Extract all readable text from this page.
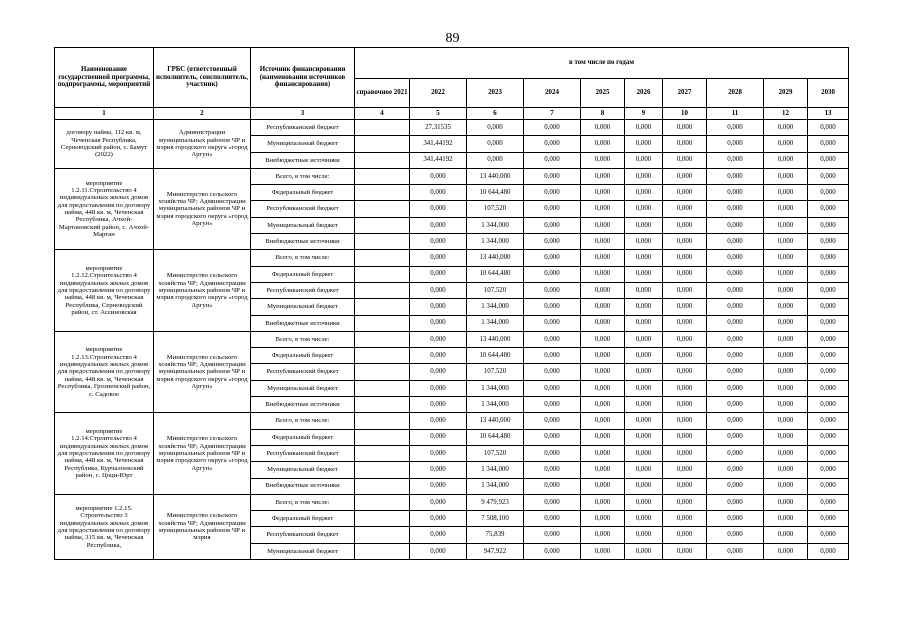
89
Наименование государственной программы, подпрограммы, мероприятий	ГРБС (ответственный исполнитель, соисполнитель, участник)	Источник финансирования (наименования источников финансирования)	в том числе по годам									
			справочное 2021	2022	2023	2024	2025	2026	2027	2028	2029	2030
1	2	3	4	5	6	7	8	9	10	11	12	13
договору найма, 112 кв. м, Чеченская Республика, Серноводский район, с. Бамут (2022)	Администрации муниципальных районов ЧР и мэрия городского округа «город Аргун»	Республиканский бюджет		27,31535	0,000	0,000	0,000	0,000	0,000	0,000	0,000	0,000
		Муниципальный бюджет		341,44192	0,000	0,000	0,000	0,000	0,000	0,000	0,000	0,000
		Внебюджетные источники		341,44192	0,000	0,000	0,000	0,000	0,000	0,000	0,000	0,000
мероприятие 1.2.11.Строительство 4 индивидуальных жилых домов для предоставления по договору найма, 448 кв. м, Чеченская Республика, Ачхой- Мартановский район, с. Ачхой- Мартан	Министерство сельского хозяйства ЧР; Администрации муниципальных районов ЧР и мэрия городского округа «город Аргун»	Всего, в том числе:		0,000	13 440,000	0,000	0,000	0,000	0,000	0,000	0,000	0,000
		Федеральный бюджет		0,000	10 644,480	0,000	0,000	0,000	0,000	0,000	0,000	0,000
		Республиканский бюджет		0,000	107,520	0,000	0,000	0,000	0,000	0,000	0,000	0,000
		Муниципальный бюджет		0,000	1 344,000	0,000	0,000	0,000	0,000	0,000	0,000	0,000
		Внебюджетные источники		0,000	1 344,000	0,000	0,000	0,000	0,000	0,000	0,000	0,000
мероприятие 1.2.12.Строительство 4 индивидуальных жилых домов для предоставления по договору найма, 448 кв. м, Чеченская Республика, Серноводский район, ст. Ассиновская	Министерство сельского хозяйства ЧР; Администрации муниципальных районов ЧР и мэрия городского округа «город Аргун»	Всего, в том числе:		0,000	13 440,000	0,000	0,000	0,000	0,000	0,000	0,000	0,000
		Федеральный бюджет		0,000	10 644,480	0,000	0,000	0,000	0,000	0,000	0,000	0,000
		Республиканский бюджет		0,000	107,520	0,000	0,000	0,000	0,000	0,000	0,000	0,000
		Муниципальный бюджет		0,000	1 344,000	0,000	0,000	0,000	0,000	0,000	0,000	0,000
		Внебюджетные источники		0,000	1 344,000	0,000	0,000	0,000	0,000	0,000	0,000	0,000
мероприятие 1.2.13.Строительство 4 индивидуальных жилых домов для предоставления по договору найма, 448 кв. м, Чеченская Республика, Грозненский район, с. Садовое	Министерство сельского хозяйства ЧР; Администрации муниципальных районов ЧР и мэрия городского округа «город Аргун»	Всего, в том числе:		0,000	13 440,000	0,000	0,000	0,000	0,000	0,000	0,000	0,000
		Федеральный бюджет		0,000	10 644,480	0,000	0,000	0,000	0,000	0,000	0,000	0,000
		Республиканский бюджет		0,000	107,520	0,000	0,000	0,000	0,000	0,000	0,000	0,000
		Муниципальный бюджет		0,000	1 344,000	0,000	0,000	0,000	0,000	0,000	0,000	0,000
		Внебюджетные источники		0,000	1 344,000	0,000	0,000	0,000	0,000	0,000	0,000	0,000
мероприятие 1.2.14.Строительство 4 индивидуальных жилых домов для предоставления по договору найма, 448 кв. м, Чеченская Республика, Курчалоевский район, с. Цоци-Юрт	Министерство сельского хозяйства ЧР; Администрации муниципальных районов ЧР и мэрия городского округа «город Аргун»	Всего, в том числе:		0,000	13 440,000	0,000	0,000	0,000	0,000	0,000	0,000	0,000
		Федеральный бюджет		0,000	10 644,480	0,000	0,000	0,000	0,000	0,000	0,000	0,000
		Республиканский бюджет		0,000	107,520	0,000	0,000	0,000	0,000	0,000	0,000	0,000
		Муниципальный бюджет		0,000	1 344,000	0,000	0,000	0,000	0,000	0,000	0,000	0,000
		Внебюджетные источники		0,000	1 344,000	0,000	0,000	0,000	0,000	0,000	0,000	0,000
мероприятие 1.2.15. Строительство 3 индивидуальных жилых домов для предоставления по договору найма, 315 кв. м, Чеченская Республика,	Министерство сельского хозяйства ЧР; Администрации муниципальных районов ЧР и мэрия	Всего, в том числе:		0,000	9 479,923	0,000	0,000	0,000	0,000	0,000	0,000	0,000
		Федеральный бюджет		0,000	7 508,100	0,000	0,000	0,000	0,000	0,000	0,000	0,000
		Республиканский бюджет		0,000	75,839	0,000	0,000	0,000	0,000	0,000	0,000	0,000
		Муниципальный бюджет		0,000	947,922	0,000	0,000	0,000	0,000	0,000	0,000	0,000
